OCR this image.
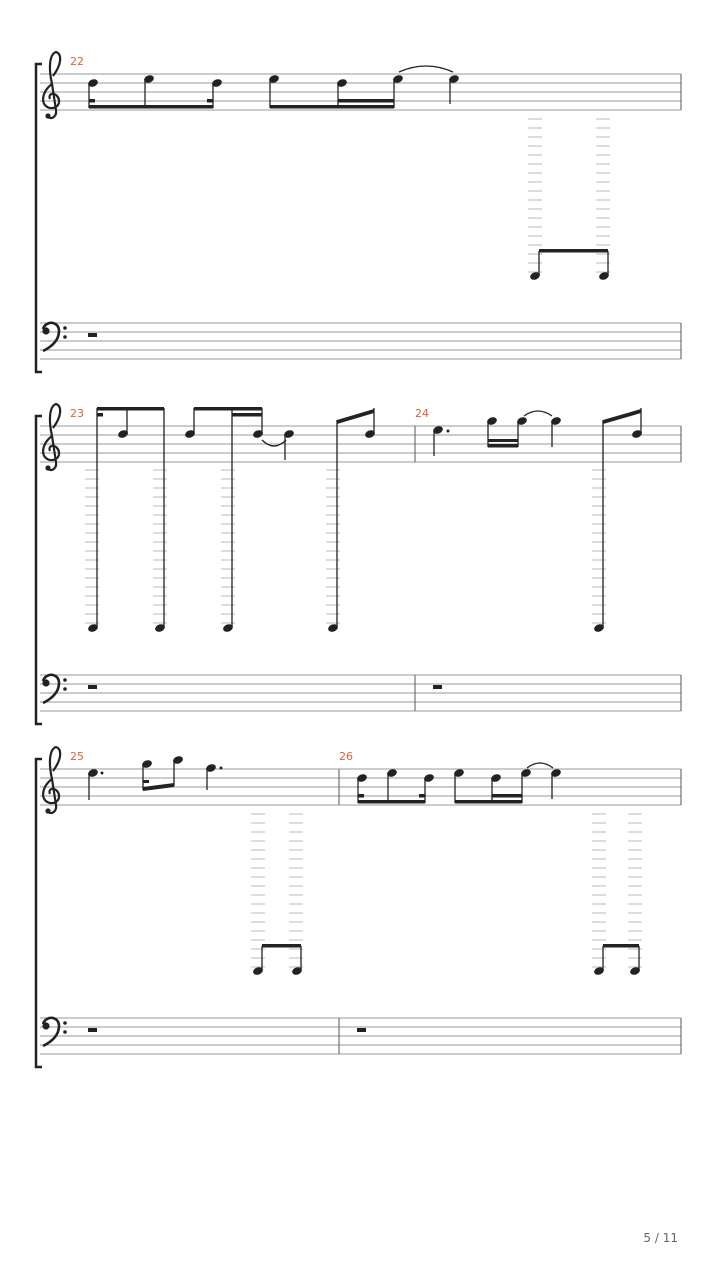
22
23	24
25	26
5 / 11
